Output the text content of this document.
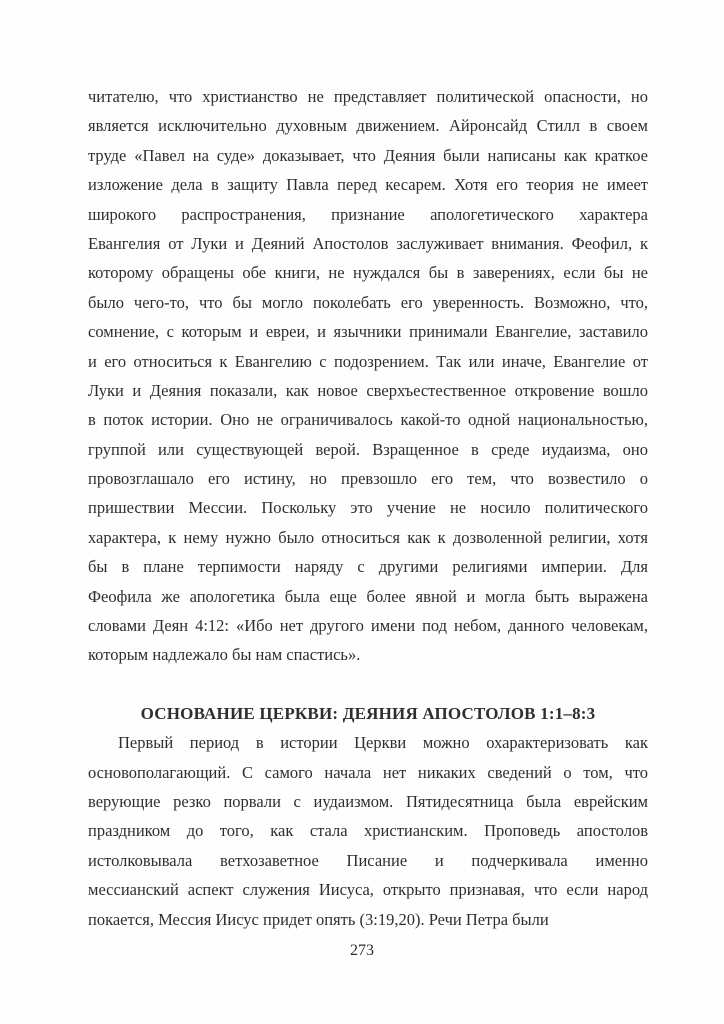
читателю, что христианство не представляет политической опасности, но
является исключительно духовным движением. Айронсайд Стилл в своем
труде «Павел на суде» доказывает, что Деяния были написаны как краткое
изложение дела в защиту Павла перед кесарем. Хотя его теория не имеет
широкого распространения, признание апологетического характера
Евангелия от Луки и Деяний Апостолов заслуживает внимания. Феофил, к
которому обращены обе книги, не нуждался бы в заверениях, если бы не
было чего-то, что бы могло поколебать его уверенность. Возможно, что,
сомнение, с которым и евреи, и язычники принимали Евангелие, заставило
и его относиться к Евангелию с подозрением. Так или иначе, Евангелие от
Луки и Деяния показали, как новое сверхъестественное откровение вошло
в поток истории. Оно не ограничивалось какой-то одной национальностью,
группой или существующей верой. Взращенное в среде иудаизма, оно
провозглашало его истину, но превзошло его тем, что возвестило о
пришествии Мессии. Поскольку это учение не носило политического
характера, к нему нужно было относиться как к дозволенной религии, хотя
бы в плане терпимости наряду с другими религиями империи. Для
Феофила же апологетика была еще более явной и могла быть выражена
словами Деян 4:12: «Ибо нет другого имени под небом, данного человекам,
которым надлежало бы нам спастись».
ОСНОВАНИЕ ЦЕРКВИ: ДЕЯНИЯ АПОСТОЛОВ 1:1–8:3
Первый период в истории Церкви можно охарактеризовать как
основополагающий. С самого начала нет никаких сведений о том, что
верующие резко порвали с иудаизмом. Пятидесятница была еврейским
праздником до того, как стала христианским. Проповедь апостолов
истолковывала ветхозаветное Писание и подчеркивала именно
мессианский аспект служения Иисуса, открыто признавая, что если народ
покается, Мессия Иисус придет опять (3:19,20). Речи Петра были
273
